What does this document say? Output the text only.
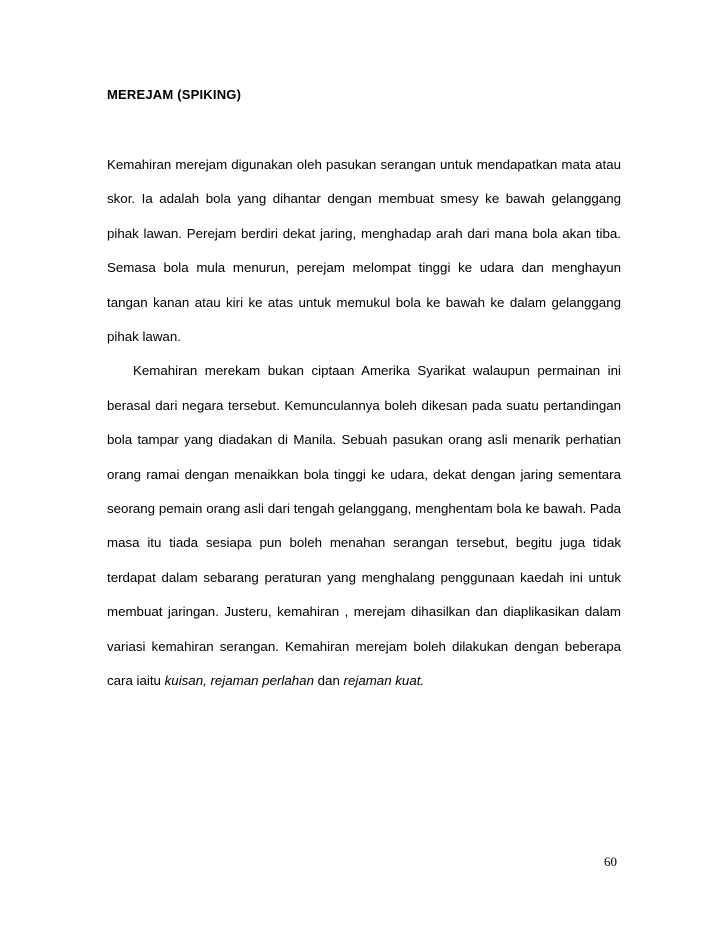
MEREJAM (SPIKING)

Kemahiran merejam digunakan oleh pasukan serangan untuk mendapatkan mata atau skor. Ia adalah bola yang dihantar dengan membuat smesy ke bawah gelanggang pihak lawan. Perejam berdiri dekat jaring, menghadap arah dari mana bola akan tiba. Semasa bola mula menurun, perejam melompat tinggi ke udara dan menghayun tangan kanan atau kiri ke atas untuk memukul bola ke bawah ke dalam gelanggang pihak lawan.

Kemahiran merekam bukan ciptaan Amerika Syarikat walaupun permainan ini berasal dari negara tersebut. Kemunculannya boleh dikesan pada suatu pertandingan bola tampar yang diadakan di Manila. Sebuah pasukan orang asli menarik perhatian orang ramai dengan menaikkan bola tinggi ke udara, dekat dengan jaring sementara seorang pemain orang asli dari tengah gelanggang, menghentam bola ke bawah. Pada masa itu tiada sesiapa pun boleh menahan serangan tersebut, begitu juga tidak terdapat dalam sebarang peraturan yang menghalang penggunaan kaedah ini untuk membuat jaringan. Justeru, kemahiran , merejam dihasilkan dan diaplikasikan dalam variasi kemahiran serangan. Kemahiran merejam boleh dilakukan dengan beberapa cara iaitu kuisan, rejaman perlahan dan rejaman kuat.

60
